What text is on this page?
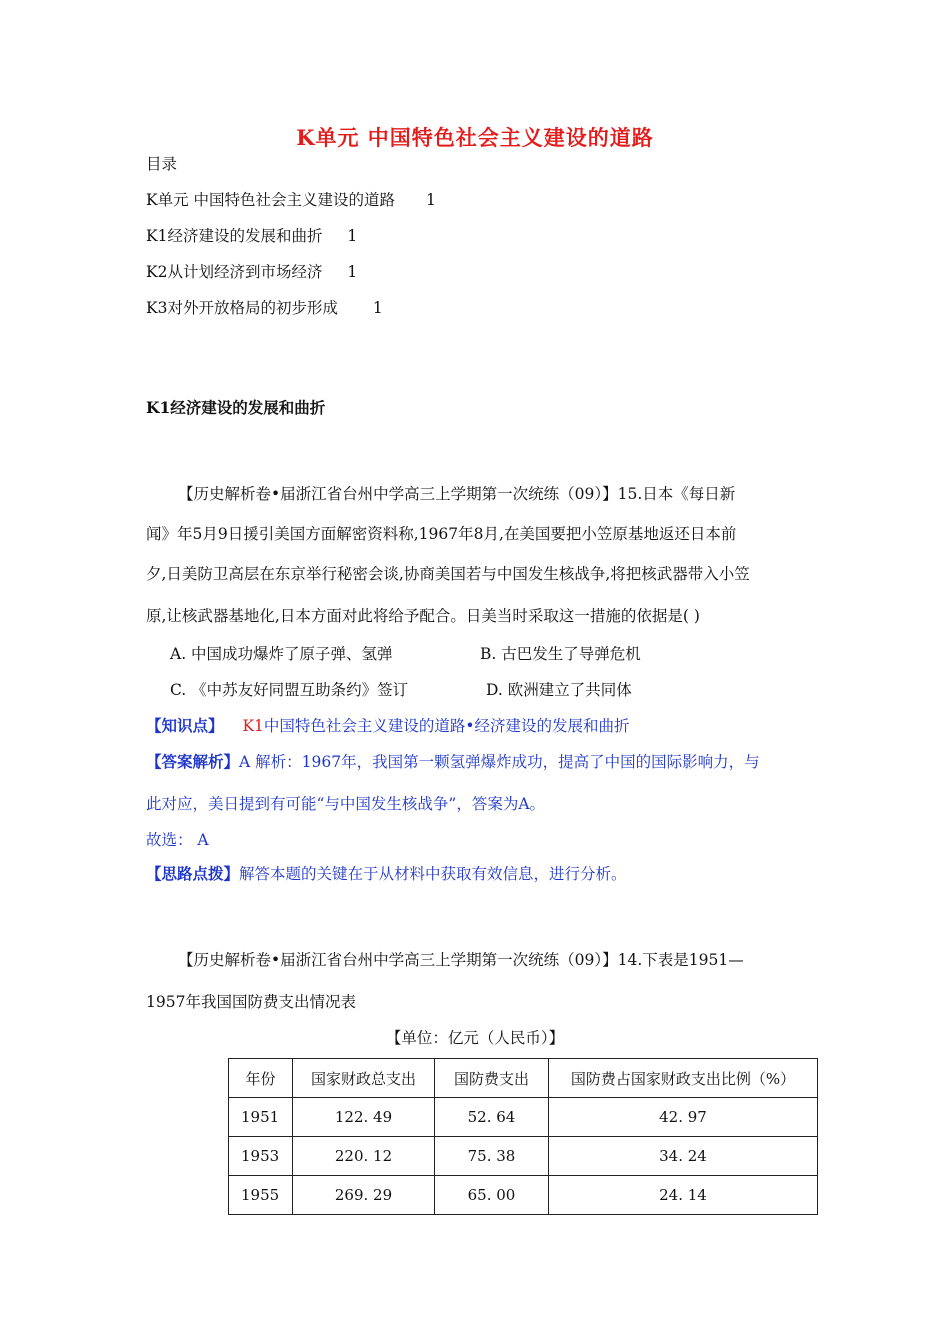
K单元 中国特色社会主义建设的道路
目录
K单元 中国特色社会主义建设的道路 1
K1经济建设的发展和曲折 1
K2从计划经济到市场经济 1
K3对外开放格局的初步形成 1
K1经济建设的发展和曲折
【历史解析卷•届浙江省台州中学高三上学期第一次统练（09）】15.日本《每日新
闻》年5月9日援引美国方面解密资料称,1967年8月,在美国要把小笠原基地返还日本前
夕,日美防卫高层在东京举行秘密会谈,协商美国若与中国发生核战争,将把核武器带入小笠
原,让核武器基地化,日本方面对此将给予配合。日美当时采取这一措施的依据是( )
A. 中国成功爆炸了原子弹、氢弹	B. 古巴发生了导弹危机
C. 《中苏友好同盟互助条约》签订	D. 欧洲建立了共同体
【知识点】 K1中国特色社会主义建设的道路•经济建设的发展和曲折
【答案解析】A 解析：1967年，我国第一颗氢弹爆炸成功，提高了中国的国际影响力，与
此对应，美日提到有可能“与中国发生核战争”，答案为A。
故选： A
【思路点拨】解答本题的关键在于从材料中获取有效信息，进行分析。
【历史解析卷•届浙江省台州中学高三上学期第一次统练（09）】14.下表是1951—
1957年我国国防费支出情况表
【单位：亿元（人民币）】
年份	国家财政总支出	国防费支出	国防费占国家财政支出比例（%）
1951	122. 49	52. 64	42. 97
1953	220. 12	75. 38	34. 24
1955	269. 29	65. 00	24. 14
